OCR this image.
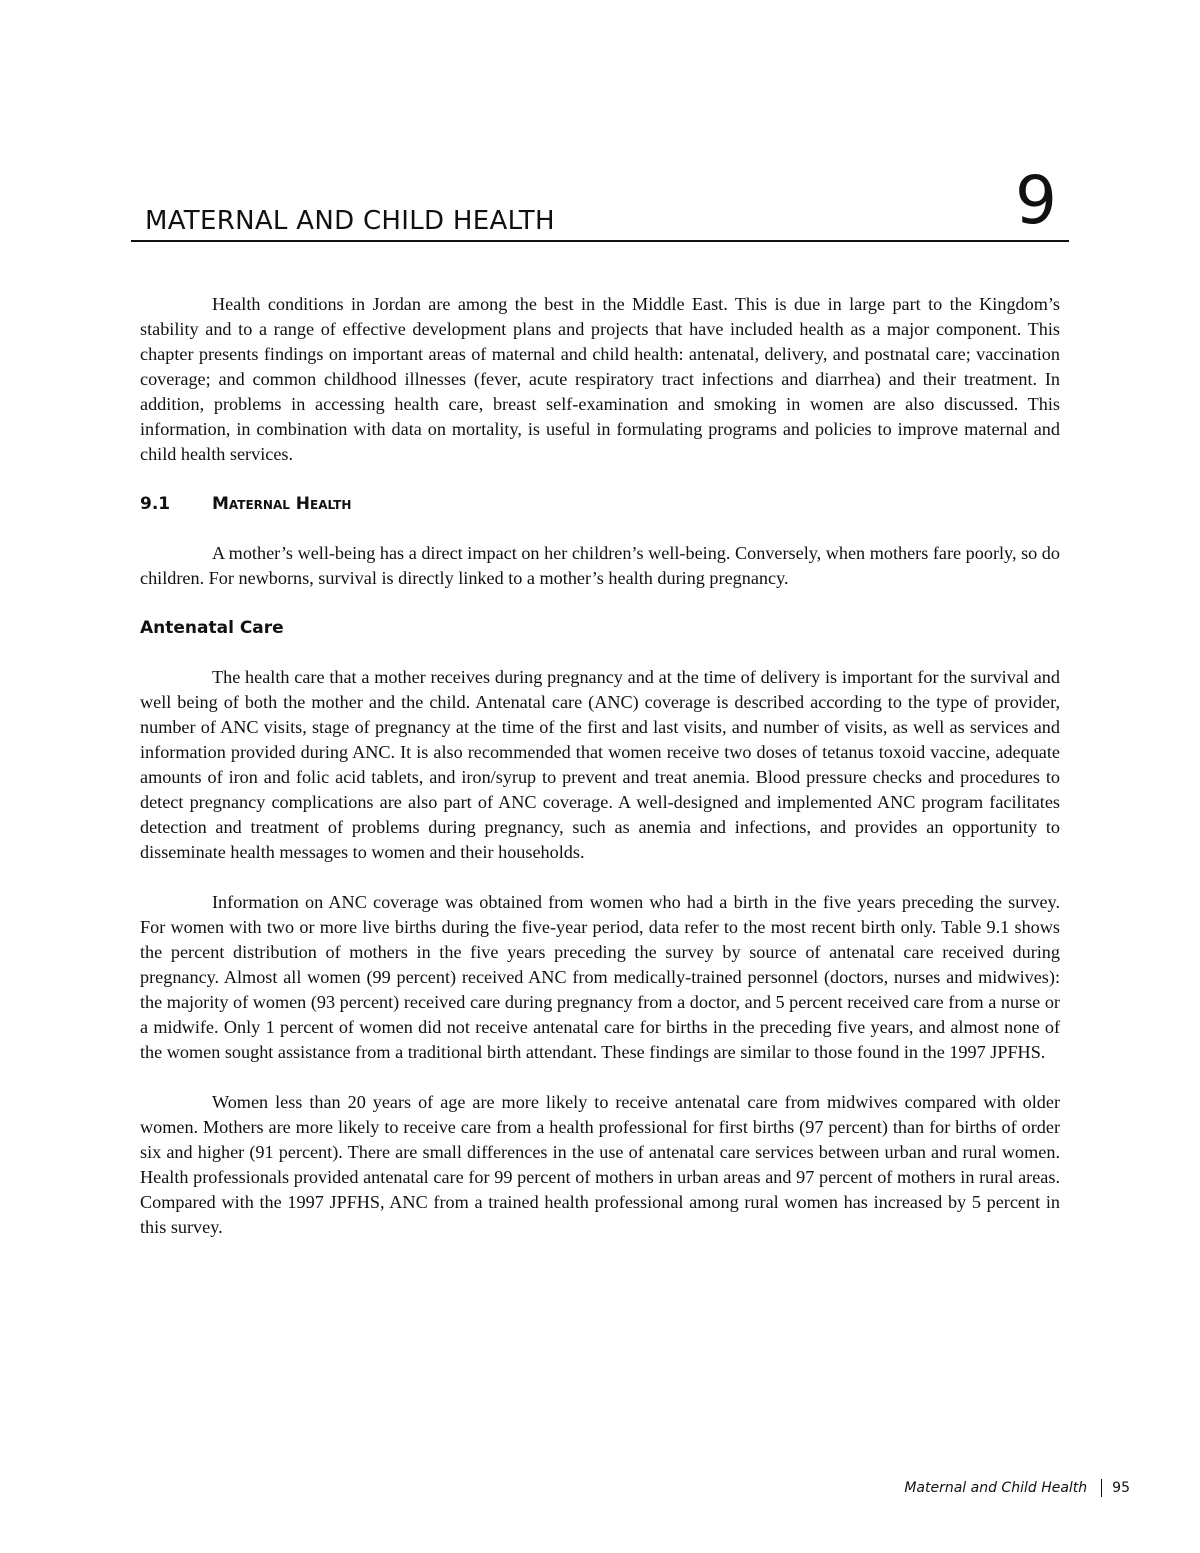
MATERNAL AND CHILD HEALTH	9

Health conditions in Jordan are among the best in the Middle East. This is due in large part to the Kingdom’s stability and to a range of effective development plans and projects that have included health as a major component. This chapter presents findings on important areas of maternal and child health: antenatal, delivery, and postnatal care; vaccination coverage; and common childhood illnesses (fever, acute respiratory tract infections and diarrhea) and their treatment. In addition, problems in accessing health care, breast self-examination and smoking in women are also discussed. This information, in combination with data on mortality, is useful in formulating programs and policies to improve maternal and child health services.

9.1 Maternal Health

A mother’s well-being has a direct impact on her children’s well-being. Conversely, when mothers fare poorly, so do children. For newborns, survival is directly linked to a mother’s health during pregnancy.

Antenatal Care

The health care that a mother receives during pregnancy and at the time of delivery is important for the survival and well being of both the mother and the child. Antenatal care (ANC) coverage is described according to the type of provider, number of ANC visits, stage of pregnancy at the time of the first and last visits, and number of visits, as well as services and information provided during ANC. It is also recommended that women receive two doses of tetanus toxoid vaccine, adequate amounts of iron and folic acid tablets, and iron/syrup to prevent and treat anemia. Blood pressure checks and procedures to detect pregnancy complications are also part of ANC coverage. A well-designed and implemented ANC program facilitates detection and treatment of problems during pregnancy, such as anemia and infections, and provides an opportunity to disseminate health messages to women and their households.

Information on ANC coverage was obtained from women who had a birth in the five years preceding the survey. For women with two or more live births during the five-year period, data refer to the most recent birth only. Table 9.1 shows the percent distribution of mothers in the five years preceding the survey by source of antenatal care received during pregnancy. Almost all women (99 percent) received ANC from medically-trained personnel (doctors, nurses and midwives): the majority of women (93 percent) received care during pregnancy from a doctor, and 5 percent received care from a nurse or a midwife. Only 1 percent of women did not receive antenatal care for births in the preceding five years, and almost none of the women sought assistance from a traditional birth attendant. These findings are similar to those found in the 1997 JPFHS.

Women less than 20 years of age are more likely to receive antenatal care from midwives compared with older women. Mothers are more likely to receive care from a health professional for first births (97 percent) than for births of order six and higher (91 percent). There are small differences in the use of antenatal care services between urban and rural women. Health professionals provided antenatal care for 99 percent of mothers in urban areas and 97 percent of mothers in rural areas. Compared with the 1997 JPFHS, ANC from a trained health professional among rural women has increased by 5 percent in this survey.

Maternal and Child Health 95
